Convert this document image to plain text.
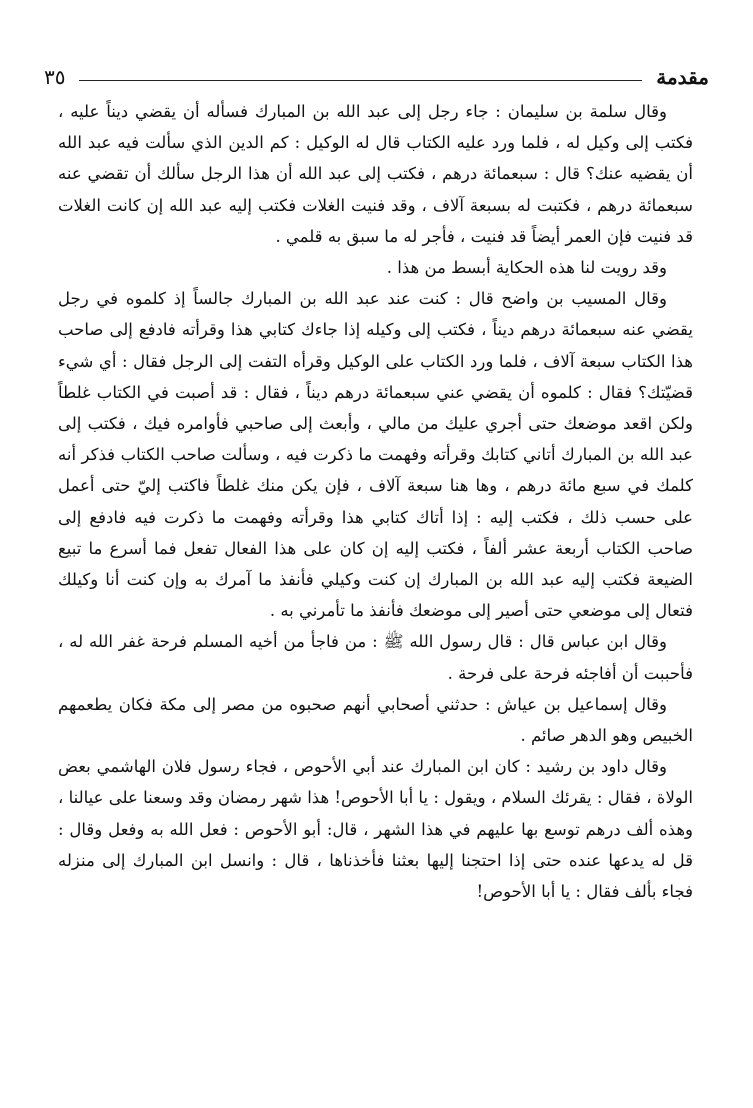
مقدمة
٣٥

وقال سلمة بن سليمان : جاء رجل إلى عبد الله بن المبارك فسأله أن يقضي ديناً عليه ، فكتب إلى وكيل له ، فلما ورد عليه الكتاب قال له الوكيل : كم الدين الذي سألت فيه عبد الله أن يقضيه عنك؟ قال : سبعمائة درهم ، فكتب إلى عبد الله أن هذا الرجل سألك أن تقضي عنه سبعمائة درهم ، فكتبت له بسبعة آلاف ، وقد فنيت الغلات فكتب إليه عبد الله إن كانت الغلات قد فنيت فإن العمر أيضاً قد فنيت ، فأجر له ما سبق به قلمي .

وقد رويت لنا هذه الحكاية أبسط من هذا .

وقال المسيب بن واضح قال : كنت عند عبد الله بن المبارك جالساً إذ كلموه في رجل يقضي عنه سبعمائة درهم ديناً ، فكتب إلى وكيله إذا جاءك كتابي هذا وقرأته فادفع إلى صاحب هذا الكتاب سبعة آلاف ، فلما ورد الكتاب على الوكيل وقرأه التفت إلى الرجل فقال : أي شيء قضيّتك؟ فقال : كلموه أن يقضي عني سبعمائة درهم ديناً ، فقال : قد أصبت في الكتاب غلطاً ولكن اقعد موضعك حتى أجري عليك من مالي ، وأبعث إلى صاحبي فأوامره فيك ، فكتب إلى عبد الله بن المبارك أتاني كتابك وقرأته وفهمت ما ذكرت فيه ، وسألت صاحب الكتاب فذكر أنه كلمك في سبع مائة درهم ، وها هنا سبعة آلاف ، فإن يكن منك غلطاً فاكتب إليّ حتى أعمل على حسب ذلك ، فكتب إليه : إذا أتاك كتابي هذا وقرأته وفهمت ما ذكرت فيه فادفع إلى صاحب الكتاب أربعة عشر ألفاً ، فكتب إليه إن كان على هذا الفعال تفعل فما أسرع ما تبيع الضيعة فكتب إليه عبد الله بن المبارك إن كنت وكيلي فأنفذ ما آمرك به وإن كنت أنا وكيلك فتعال إلى موضعي حتى أصير إلى موضعك فأنفذ ما تأمرني به .

وقال ابن عباس قال : قال رسول الله ﷺ : من فاجأ من أخيه المسلم فرحة غفر الله له ، فأحببت أن أفاجئه فرحة على فرحة .

وقال إسماعيل بن عياش : حدثني أصحابي أنهم صحبوه من مصر إلى مكة فكان يطعمهم الخبيص وهو الدهر صائم .

وقال داود بن رشيد : كان ابن المبارك عند أبي الأحوص ، فجاء رسول فلان الهاشمي بعض الولاة ، فقال : يقرئك السلام ، ويقول : يا أبا الأحوص! هذا شهر رمضان وقد وسعنا على عيالنا ، وهذه ألف درهم توسع بها عليهم في هذا الشهر ، قال: أبو الأحوص : فعل الله به وفعل وقال : قل له يدعها عنده حتى إذا احتجنا إليها بعثنا فأخذناها ، قال : وانسل ابن المبارك إلى منزله فجاء بألف فقال : يا أبا الأحوص!
